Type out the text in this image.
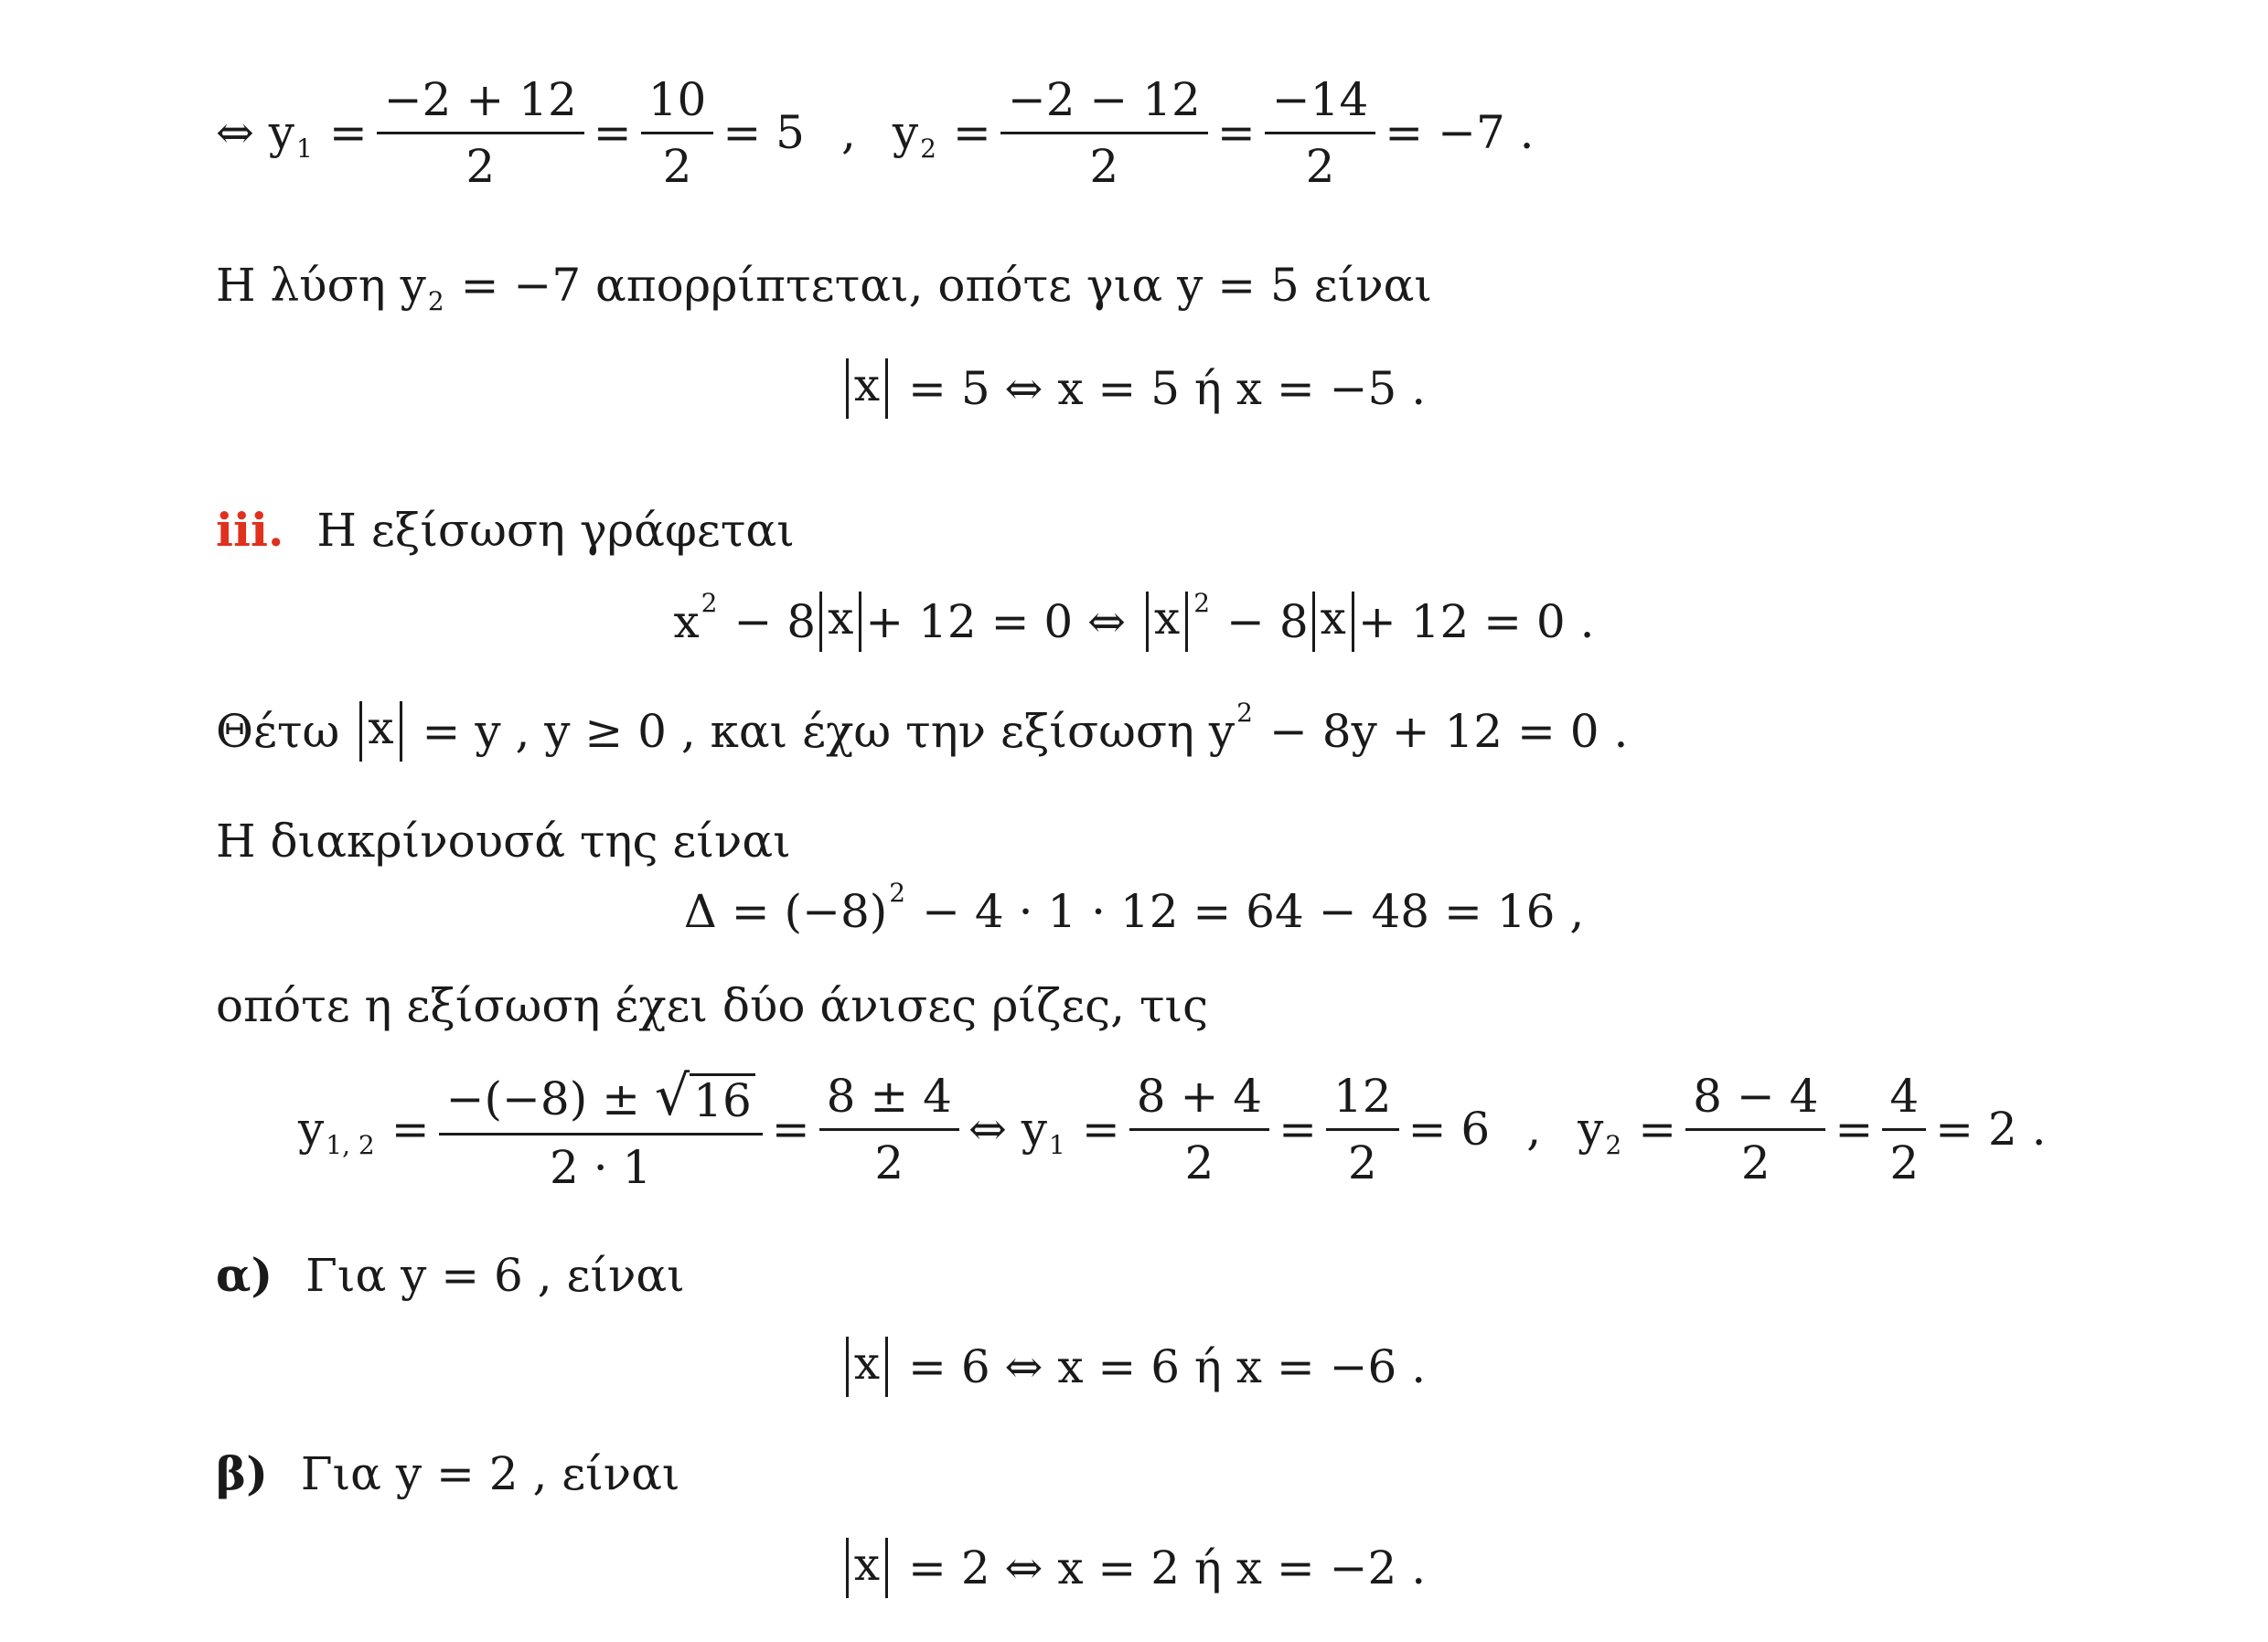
⇔ y $1 = \frac{-2 + 12}{2} = \frac{10}{2} = 5$ , y $2 = \frac{-2 - 12}{2} = \frac{-14}{2} = -7$ .
Η λύση y 2 = −7 απορρίπτεται, οπότε για y = 5 είναι
x = 5 ⇔ x = 5 ή x = −5 .
iii. Η εξίσωση γράφεται
x 2 − 8 x + 12 = 0 ⇔ x 2 − 8 x + 12 = 0 .
Θέτω x = y , y ≥ 0 , και έχω την εξίσωση y 2 − 8y + 12 = 0 .
Η διακρίνουσά της είναι
Δ = (−8) 2 − 4 · 1 · 12 = 64 − 48 = 16 ,
οπότε η εξίσωση έχει δύο άνισες ρίζες, τις
y 1, $2 = \frac{-(-8) \pm √ 16}{2 \cdot 1} = \frac{8 \pm 4}{2}$ ⇔ y $1 = \frac{8 + 4}{2} = \frac{12}{2} = 6$ , y $2 = \frac{8 - 4}{2} = \frac{4}{2} = 2$ .
α) Για y = 6 , είναι
x = 6 ⇔ x = 6 ή x = −6 .
β) Για y = 2 , είναι
x = 2 ⇔ x = 2 ή x = −2 .
